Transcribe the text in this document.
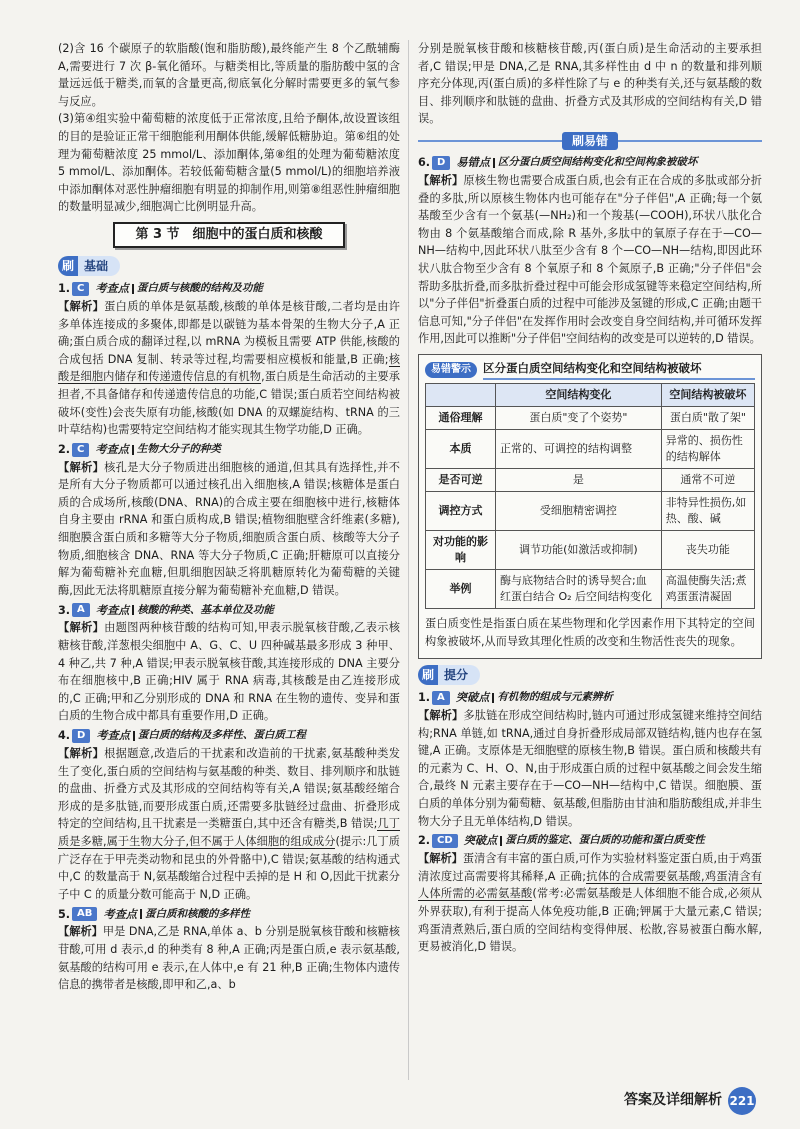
(2)含 16 个碳原子的软脂酸(饱和脂肪酸),最终能产生 8 个乙酰辅酶 A,需要进行 7 次 β-氧化循环。与糖类相比,等质量的脂肪酸中氢的含量远远低于糖类,而氧的含量更高,彻底氧化分解时需要更多的氧气参与反应。

(3)第④组实验中葡萄糖的浓度低于正常浓度,且给予酮体,故设置该组的目的是验证正常干细胞能利用酮体供能,缓解低糖胁迫。第⑥组的处理为葡萄糖浓度 25 mmol/L、添加酮体,第⑧组的处理为葡萄糖浓度 5 mmol/L、添加酮体。若较低葡萄糖含量(5 mmol/L)的细胞培养液中添加酮体对恶性肿瘤细胞有明显的抑制作用,则第⑧组恶性肿瘤细胞的数量明显减少,细胞凋亡比例明显升高。

第 3 节　细胞中的蛋白质和核酸
刷 基础
1. C 考查点 蛋白质与核酸的结构及功能

【解析】蛋白质的单体是氨基酸,核酸的单体是核苷酸,二者均是由许多单体连接成的多聚体,即都是以碳链为基本骨架的生物大分子,A 正确;蛋白质合成的翻译过程,以 mRNA 为模板且需要 ATP 供能,核酸的合成包括 DNA 复制、转录等过程,均需要相应模板和能量,B 正确;核酸是细胞内储存和传递遗传信息的有机物,蛋白质是生命活动的主要承担者,不具备储存和传递遗传信息的功能,C 错误;蛋白质若空间结构被破坏(变性)会丧失原有功能,核酸(如 DNA 的双螺旋结构、tRNA 的三叶草结构)也需要特定空间结构才能实现其生物学功能,D 正确。

2. C 考查点 生物大分子的种类

【解析】核孔是大分子物质进出细胞核的通道,但其具有选择性,并不是所有大分子物质都可以通过核孔出入细胞核,A 错误;核糖体是蛋白质的合成场所,核酸(DNA、RNA)的合成主要在细胞核中进行,核糖体自身主要由 rRNA 和蛋白质构成,B 错误;植物细胞壁含纤维素(多糖),细胞膜含蛋白质和多糖等大分子物质,细胞质含蛋白质、核酸等大分子物质,细胞核含 DNA、RNA 等大分子物质,C 正确;肝糖原可以直接分解为葡萄糖补充血糖,但肌细胞因缺乏将肌糖原转化为葡萄糖的关键酶,因此无法将肌糖原直接分解为葡萄糖补充血糖,D 错误。

3. A 考查点 核酸的种类、基本单位及功能

【解析】由题图两种核苷酸的结构可知,甲表示脱氧核苷酸,乙表示核糖核苷酸,洋葱根尖细胞中 A、G、C、U 四种碱基最多形成 3 种甲、4 种乙,共 7 种,A 错误;甲表示脱氧核苷酸,其连接形成的 DNA 主要分布在细胞核中,B 正确;HIV 属于 RNA 病毒,其核酸是由乙连接形成的,C 正确;甲和乙分别形成的 DNA 和 RNA 在生物的遗传、变异和蛋白质的生物合成中都具有重要作用,D 正确。

4. D 考查点 蛋白质的结构及多样性、蛋白质工程

【解析】根据题意,改造后的干扰素和改造前的干扰素,氨基酸种类发生了变化,蛋白质的空间结构与氨基酸的种类、数目、排列顺序和肽链的盘曲、折叠方式及其形成的空间结构等有关,A 错误;氨基酸经缩合形成的是多肽链,而要形成蛋白质,还需要多肽链经过盘曲、折叠形成特定的空间结构,且干扰素是一类糖蛋白,其中还含有糖类,B 错误;几丁质是多糖,属于生物大分子,但不属于人体细胞的组成成分(提示:几丁质广泛存在于甲壳类动物和昆虫的外骨骼中),C 错误;氨基酸的结构通式中,C 的数量高于 N,氨基酸缩合过程中丢掉的是 H 和 O,因此干扰素分子中 C 的质量分数可能高于 N,D 正确。

5. AB 考查点 蛋白质和核酸的多样性

【解析】甲是 DNA,乙是 RNA,单体 a、b 分别是脱氧核苷酸和核糖核苷酸,可用 d 表示,d 的种类有 8 种,A 正确;丙是蛋白质,e 表示氨基酸,氨基酸的结构可用 e 表示,在人体中,e 有 21 种,B 正确;生物体内遗传信息的携带者是核酸,即甲和乙,a、b

分别是脱氧核苷酸和核糖核苷酸,丙(蛋白质)是生命活动的主要承担者,C 错误;甲是 DNA,乙是 RNA,其多样性由 d 中 n 的数量和排列顺序充分体现,丙(蛋白质)的多样性除了与 e 的种类有关,还与氨基酸的数目、排列顺序和肽链的盘曲、折叠方式及其形成的空间结构有关,D 错误。

刷易错
6. D 易错点 区分蛋白质空间结构变化和空间构象被破坏

【解析】原核生物也需要合成蛋白质,也会有正在合成的多肽或部分折叠的多肽,所以原核生物体内也可能存在"分子伴侣",A 正确;每一个氨基酸至少含有一个氨基(—NH₂)和一个羧基(—COOH),环状八肽化合物由 8 个氨基酸缩合而成,除 R 基外,多肽中的氧原子存在于—CO—NH—结构中,因此环状八肽至少含有 8 个—CO—NH—结构,即因此环状八肽合物至少含有 8 个氧原子和 8 个氮原子,B 正确;"分子伴侣"会帮助多肽折叠,而多肽折叠过程中可能会形成氢键等来稳定空间结构,所以"分子伴侣"折叠蛋白质的过程中可能涉及氢键的形成,C 正确;由题干信息可知,"分子伴侣"在发挥作用时会改变自身空间结构,并可循环发挥作用,因此可以推断"分子伴侣"空间结构的改变是可以逆转的,D 错误。

易错警示	区分蛋白质空间结构变化和空间结构被破坏
	空间结构变化	空间结构被破坏
通俗理解	蛋白质"变了个姿势"	蛋白质"散了架"
本质	正常的、可调控的结构调整	异常的、损伤性的结构解体
是否可逆	是	通常不可逆
调控方式	受细胞精密调控	非特异性损伤,如热、酸、碱
对功能的影响	调节功能(如激活或抑制)	丧失功能
举例	酶与底物结合时的诱导契合;血红蛋白结合 O₂ 后空间结构变化	高温使酶失活;煮鸡蛋蛋清凝固

蛋白质变性是指蛋白质在某些物理和化学因素作用下其特定的空间构象被破坏,从而导致其理化性质的改变和生物活性丧失的现象。

刷 提分
1. A 突破点 有机物的组成与元素辨析

【解析】多肽链在形成空间结构时,链内可通过形成氢键来维持空间结构;RNA 单链,如 tRNA,通过自身折叠形成局部双链结构,链内也存在氢键,A 正确。支原体是无细胞壁的原核生物,B 错误。蛋白质和核酸共有的元素为 C、H、O、N,由于形成蛋白质的过程中氨基酸之间会发生缩合,最终 N 元素主要存在于—CO—NH—结构中,C 错误。细胞膜、蛋白质的单体分别为葡萄糖、氨基酸,但脂肪由甘油和脂肪酸组成,并非生物大分子且无单体结构,D 错误。

2. CD 突破点 蛋白质的鉴定、蛋白质的功能和蛋白质变性

【解析】蛋清含有丰富的蛋白质,可作为实验材料鉴定蛋白质,由于鸡蛋清浓度过高需要将其稀释,A 正确;抗体的合成需要氨基酸,鸡蛋清含有人体所需的必需氨基酸(常考:必需氨基酸是人体细胞不能合成,必须从外界获取),有利于提高人体免疫功能,B 正确;钾属于大量元素,C 错误;鸡蛋清煮熟后,蛋白质的空间结构变得伸展、松散,容易被蛋白酶水解,更易被消化,D 错误。

答案及详细解析 221
